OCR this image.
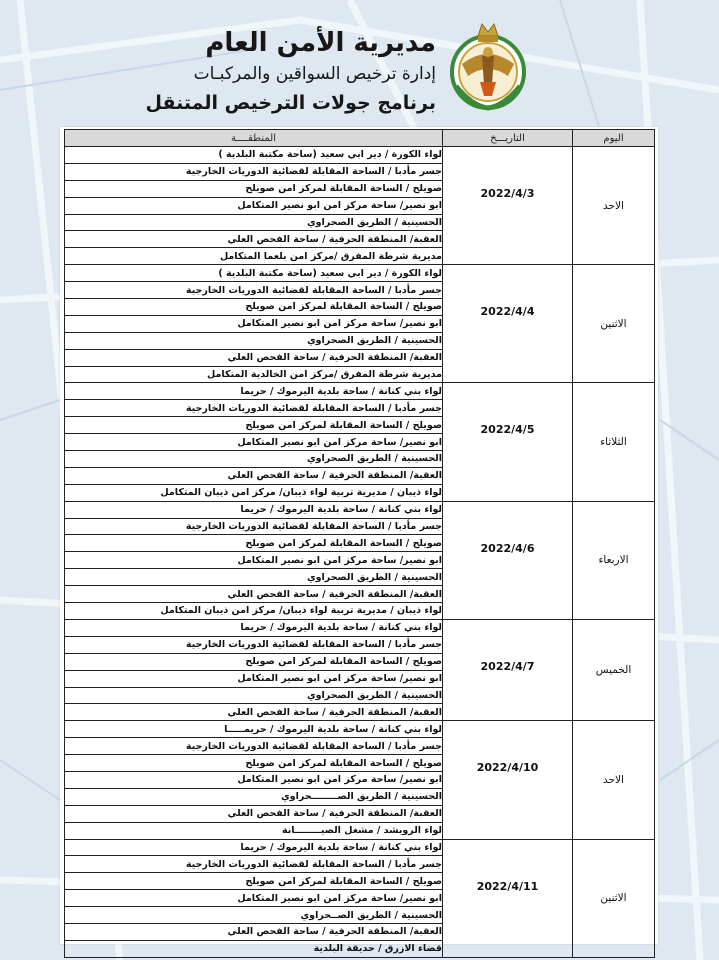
مديرية الأمن العام
إدارة ترخيص السواقين والمركبـات
برنامج جولات الترخيص المتنقل
اليوم	التاريـــخ	المنطقــــة
الاحد	2022/4/3	لواء الكورة / دير ابي سعيد (ساحة مكتبة البلدية )
		جسر مأدبا / الساحة المقابلة لقضائية الدوريات الخارجية
		صويلح / الساحة المقابلة لمركز امن صويلح
		ابو نصير/ ساحة مركز امن ابو نصير المتكامل
		الحسينية / الطريق الصحراوي
		العقبة/ المنطقة الحرفية / ساحة الفحص العلي
		مديرية شرطة المفرق /مركز امن بلعما المتكامل
الاثنين	2022/4/4	لواء الكورة / دير ابي سعيد (ساحة مكتبة البلدية )
		جسر مأدبا / الساحة المقابلة لقضائية الدوريات الخارجية
		صويلح / الساحة المقابلة لمركز امن صويلح
		ابو نصير/ ساحة مركز امن ابو نصير المتكامل
		الحسينية / الطريق الصحراوي
		العقبة/ المنطقة الحرفية / ساحة الفحص العلي
		مديرية شرطة المفرق /مركز امن الخالدية المتكامل
الثلاثاء	2022/4/5	لواء بني كنانة / ساحة بلدية اليرموك / حريما
		جسر مأدبا / الساحة المقابلة لقضائية الدوريات الخارجية
		صويلح / الساحة المقابلة لمركز امن صويلح
		ابو نصير/ ساحة مركز امن ابو نصير المتكامل
		الحسينية / الطريق الصحراوي
		العقبة/ المنطقة الحرفية / ساحة الفحص العلي
		لواء ذيبان / مديرية تربية لواء ذيبان/ مركز امن ذيبان المتكامل
الاربعاء	2022/4/6	لواء بني كنانة / ساحة بلدية اليرموك / حريما
		جسر مأدبا / الساحة المقابلة لقضائية الدوريات الخارجية
		صويلح / الساحة المقابلة لمركز امن صويلح
		ابو نصير/ ساحة مركز امن ابو نصير المتكامل
		الحسينية / الطريق الصحراوي
		العقبة/ المنطقة الحرفية / ساحة الفحص العلي
		لواء ذيبان / مديرية تربية لواء ذيبان/ مركز امن ذيبان المتكامل
الخميس	2022/4/7	لواء بني كنانة / ساحة بلدية اليرموك / حريما
		جسر مأدبا / الساحة المقابلة لقضائية الدوريات الخارجية
		صويلح / الساحة المقابلة لمركز امن صويلح
		ابو نصير/ ساحة مركز امن ابو نصير المتكامل
		الحسينية / الطريق الصحراوي
		العقبة/ المنطقة الحرفية / ساحة الفحص العلي
الاحد	2022/4/10	لواء بني كنانة / ساحة بلدية اليرموك / حريمـــــا
		جسر مأدبا / الساحة المقابلة لقضائية الدوريات الخارجية
		صويلح / الساحة المقابلة لمركز امن صويلح
		ابو نصير/ ساحة مركز امن ابو نصير المتكامل
		الحسينية / الطريق الصــــــــحراوي
		العقبة/ المنطقة الحرفية / ساحة الفحص العلي
		لواء الرويشد / مشغل الصيــــــــانة
الاثنين	2022/4/11	لواء بني كنانة / ساحة بلدية اليرموك / حريما
		جسر مأدبا / الساحة المقابلة لقضائية الدوريات الخارجية
		صويلح / الساحة المقابلة لمركز امن صويلح
		ابو نصير/ ساحة مركز امن ابو نصير المتكامل
		الحسينية / الطريق الصــحراوي
		العقبة/ المنطقة الحرفية / ساحة الفحص العلي
		قضاء الازرق / حديقة البلدية
